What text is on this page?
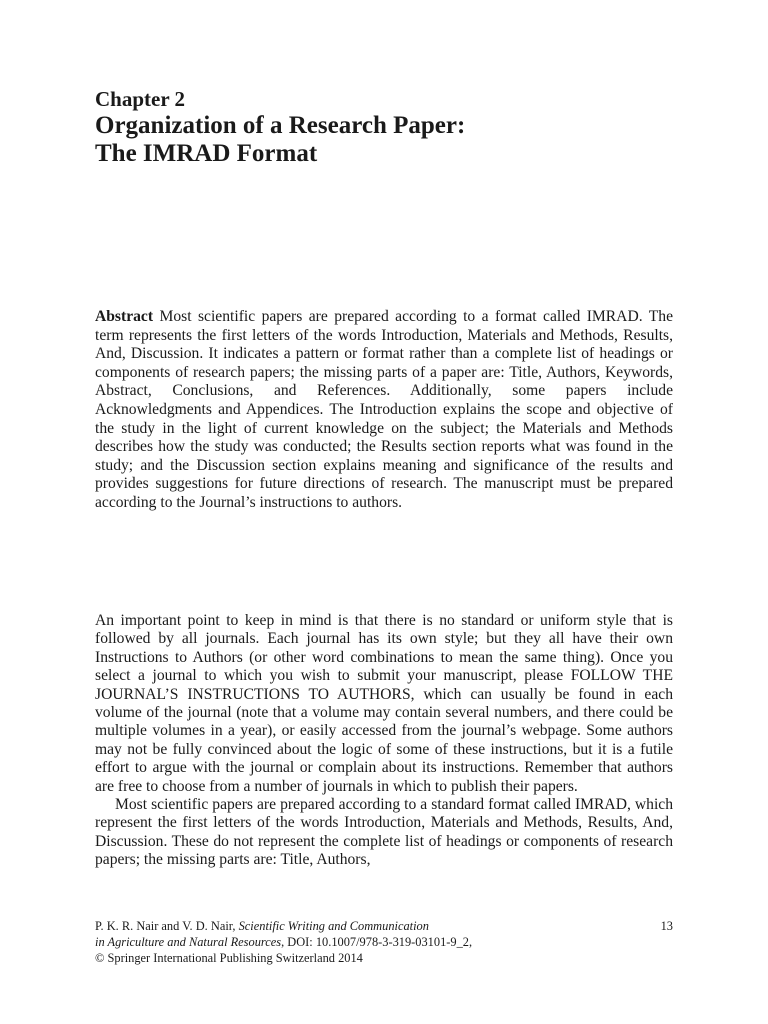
Chapter 2
Organization of a Research Paper:
The IMRAD Format

Abstract Most scientific papers are prepared according to a format called IMRAD. The term represents the first letters of the words Introduction, Materials and Methods, Results, And, Discussion. It indicates a pattern or format rather than a complete list of headings or components of research papers; the missing parts of a paper are: Title, Authors, Keywords, Abstract, Conclusions, and References. Additionally, some papers include Acknowledgments and Appendices. The Introduction explains the scope and objective of the study in the light of current knowledge on the subject; the Materials and Methods describes how the study was conducted; the Results section reports what was found in the study; and the Discussion section explains meaning and significance of the results and provides suggestions for future directions of research. The manuscript must be prepared according to the Journal’s instructions to authors.

An important point to keep in mind is that there is no standard or uniform style that is followed by all journals. Each journal has its own style; but they all have their own Instructions to Authors (or other word combinations to mean the same thing). Once you select a journal to which you wish to submit your manuscript, please FOLLOW THE JOURNAL’S INSTRUCTIONS TO AUTHORS, which can usually be found in each volume of the journal (note that a volume may contain several numbers, and there could be multiple volumes in a year), or easily accessed from the journal’s webpage. Some authors may not be fully convinced about the logic of some of these instructions, but it is a futile effort to argue with the journal or complain about its instructions. Remember that authors are free to choose from a number of journals in which to publish their papers.

Most scientific papers are prepared according to a standard format called IMRAD, which represent the first letters of the words Introduction, Materials and Methods, Results, And, Discussion. These do not represent the complete list of headings or components of research papers; the missing parts are: Title, Authors,

P. K. R. Nair and V. D. Nair, Scientific Writing and Communication
in Agriculture and Natural Resources, DOI: 10.1007/978-3-319-03101-9_2,
© Springer International Publishing Switzerland 2014
13
